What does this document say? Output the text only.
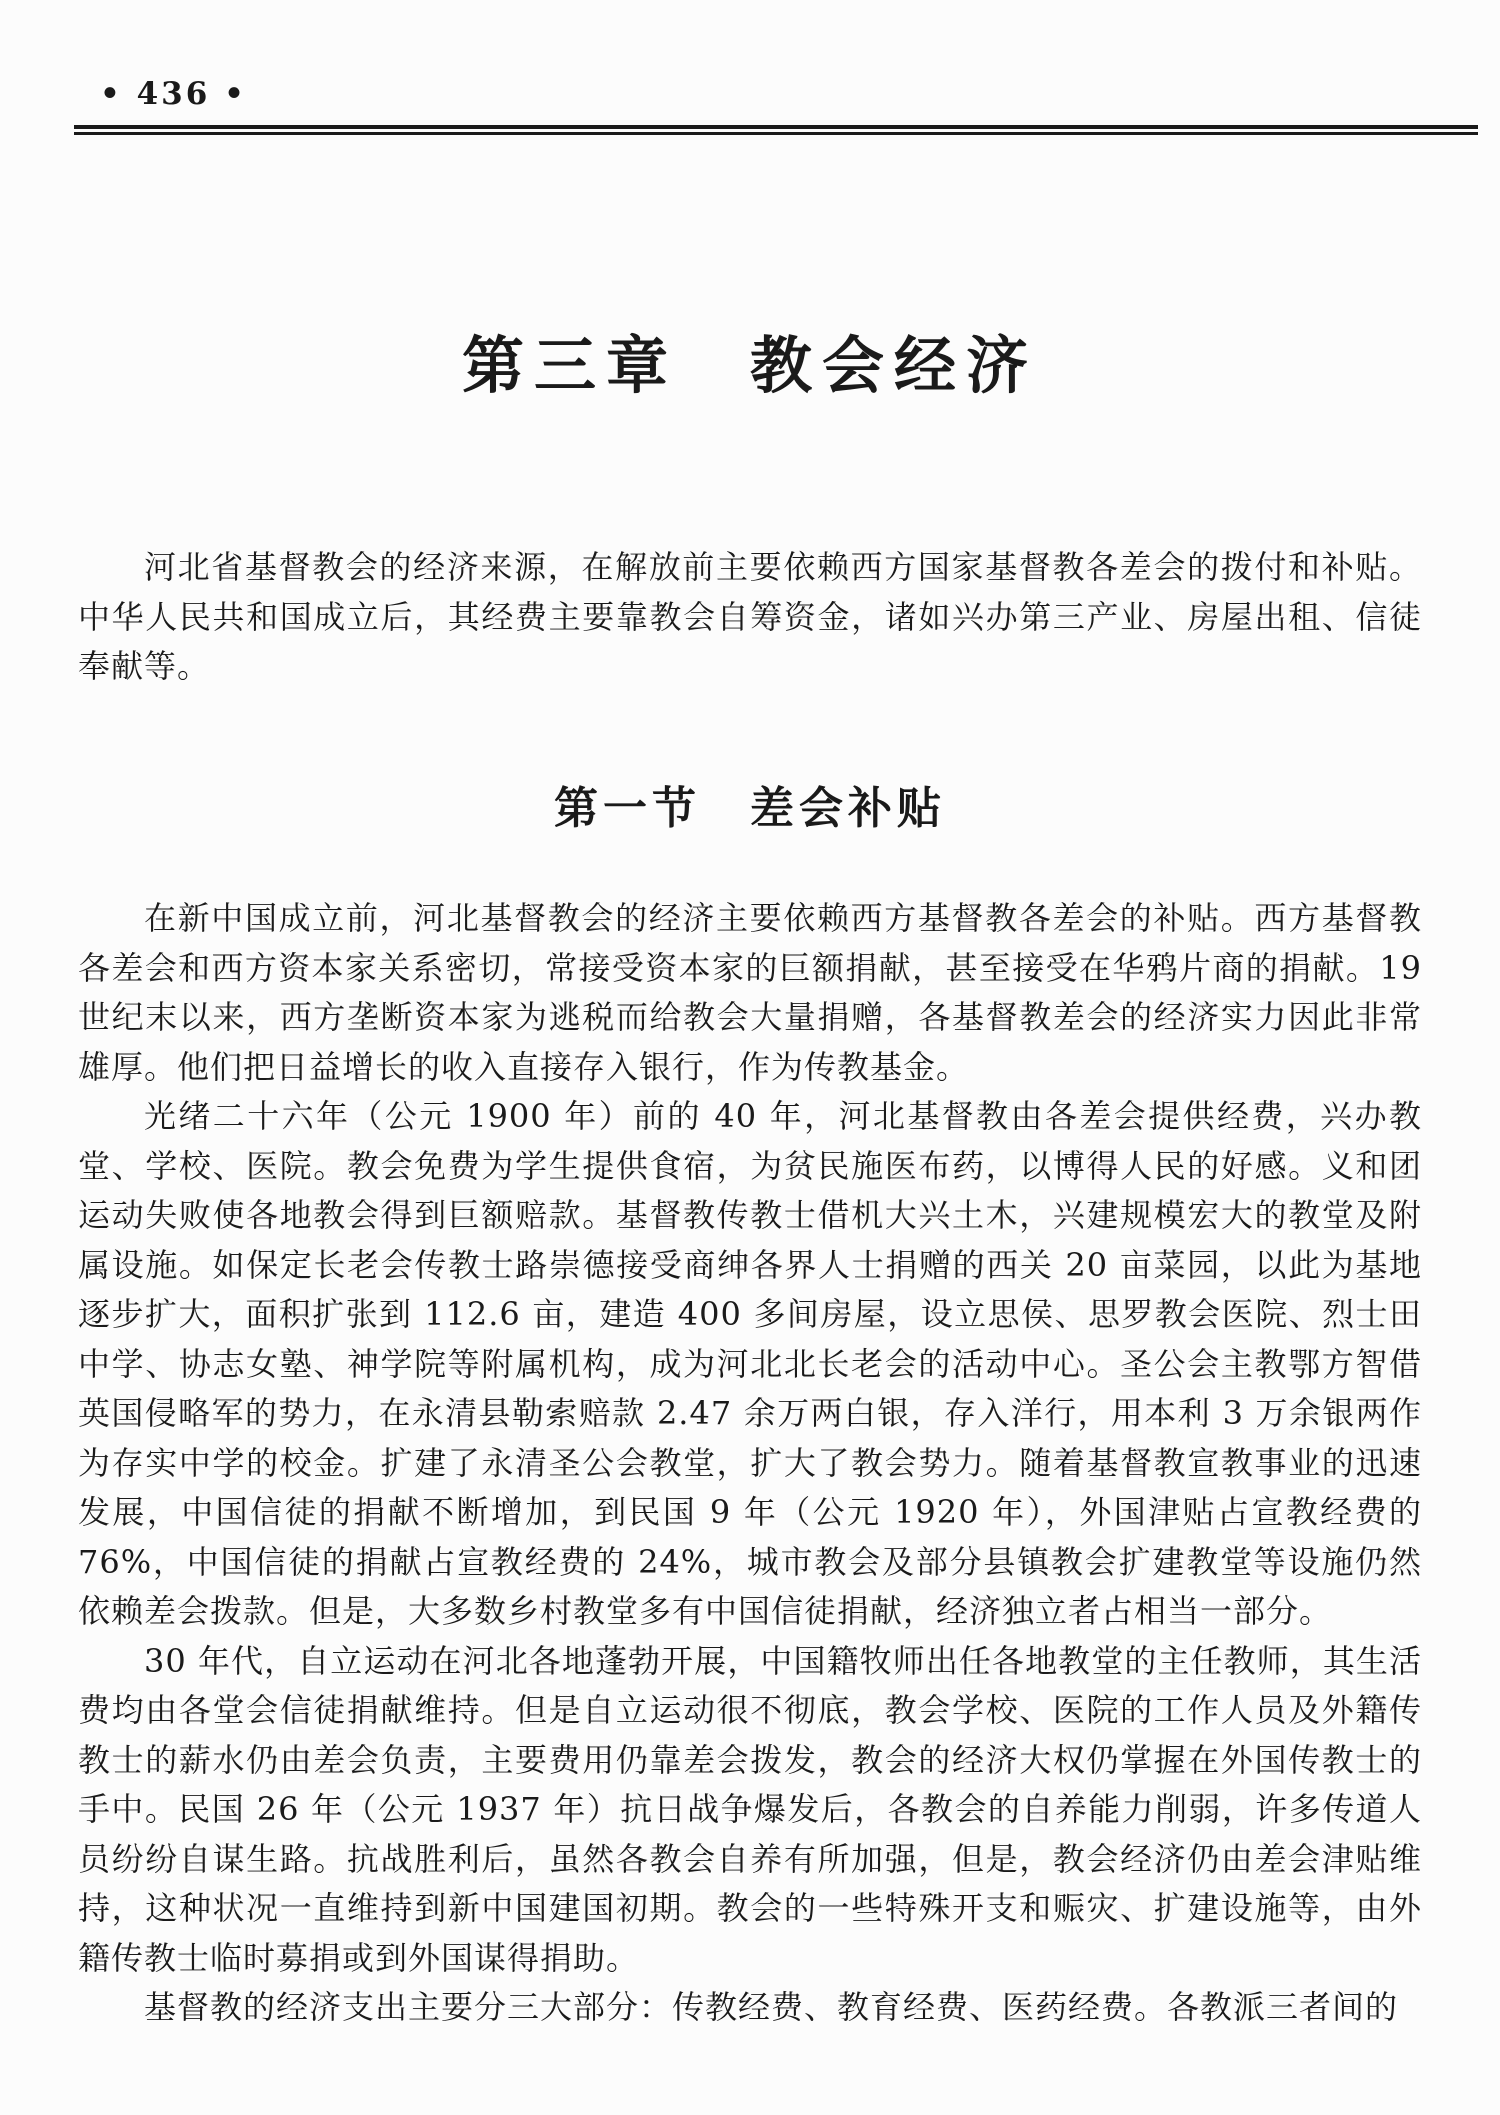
• 436 •
第三章　教会经济

河北省基督教会的经济来源，在解放前主要依赖西方国家基督教各差会的拨付和补贴。中华人民共和国成立后，其经费主要靠教会自筹资金，诸如兴办第三产业、房屋出租、信徒奉献等。

第一节　差会补贴

在新中国成立前，河北基督教会的经济主要依赖西方基督教各差会的补贴。西方基督教各差会和西方资本家关系密切，常接受资本家的巨额捐献，甚至接受在华鸦片商的捐献。19世纪末以来，西方垄断资本家为逃税而给教会大量捐赠，各基督教差会的经济实力因此非常雄厚。他们把日益增长的收入直接存入银行，作为传教基金。

光绪二十六年（公元 1900 年）前的 40 年，河北基督教由各差会提供经费，兴办教堂、学校、医院。教会免费为学生提供食宿，为贫民施医布药，以博得人民的好感。义和团运动失败使各地教会得到巨额赔款。基督教传教士借机大兴土木，兴建规模宏大的教堂及附属设施。如保定长老会传教士路崇德接受商绅各界人士捐赠的西关 20 亩菜园，以此为基地逐步扩大，面积扩张到 112.6 亩，建造 400 多间房屋，设立思侯、思罗教会医院、烈士田中学、协志女塾、神学院等附属机构，成为河北北长老会的活动中心。圣公会主教鄂方智借英国侵略军的势力，在永清县勒索赔款 2.47 余万两白银，存入洋行，用本利 3 万余银两作为存实中学的校金。扩建了永清圣公会教堂，扩大了教会势力。随着基督教宣教事业的迅速发展，中国信徒的捐献不断增加，到民国 9 年（公元 1920 年），外国津贴占宣教经费的 76%，中国信徒的捐献占宣教经费的 24%，城市教会及部分县镇教会扩建教堂等设施仍然依赖差会拨款。但是，大多数乡村教堂多有中国信徒捐献，经济独立者占相当一部分。

30 年代，自立运动在河北各地蓬勃开展，中国籍牧师出任各地教堂的主任教师，其生活费均由各堂会信徒捐献维持。但是自立运动很不彻底，教会学校、医院的工作人员及外籍传教士的薪水仍由差会负责，主要费用仍靠差会拨发，教会的经济大权仍掌握在外国传教士的手中。民国 26 年（公元 1937 年）抗日战争爆发后，各教会的自养能力削弱，许多传道人员纷纷自谋生路。抗战胜利后，虽然各教会自养有所加强，但是，教会经济仍由差会津贴维持，这种状况一直维持到新中国建国初期。教会的一些特殊开支和赈灾、扩建设施等，由外籍传教士临时募捐或到外国谋得捐助。

基督教的经济支出主要分三大部分：传教经费、教育经费、医药经费。各教派三者间的
